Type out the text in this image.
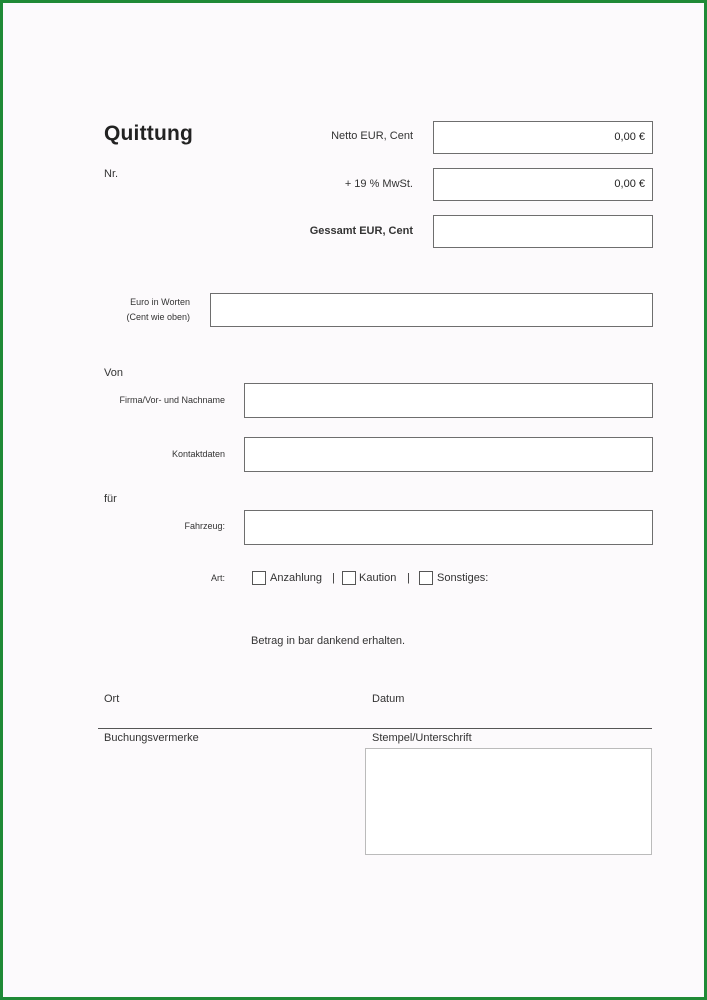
Quittung
Nr.
Netto EUR, Cent	0,00 €
+ 19 % MwSt.	0,00 €
Gessamt EUR, Cent
Euro in Worten
(Cent wie oben)
Von
Firma/Vor- und Nachname
Kontaktdaten
für
Fahrzeug:
Art:	Anzahlung | Kaution | Sonstiges:
Betrag in bar dankend erhalten.
Ort	Datum
Buchungsvermerke	Stempel/Unterschrift
